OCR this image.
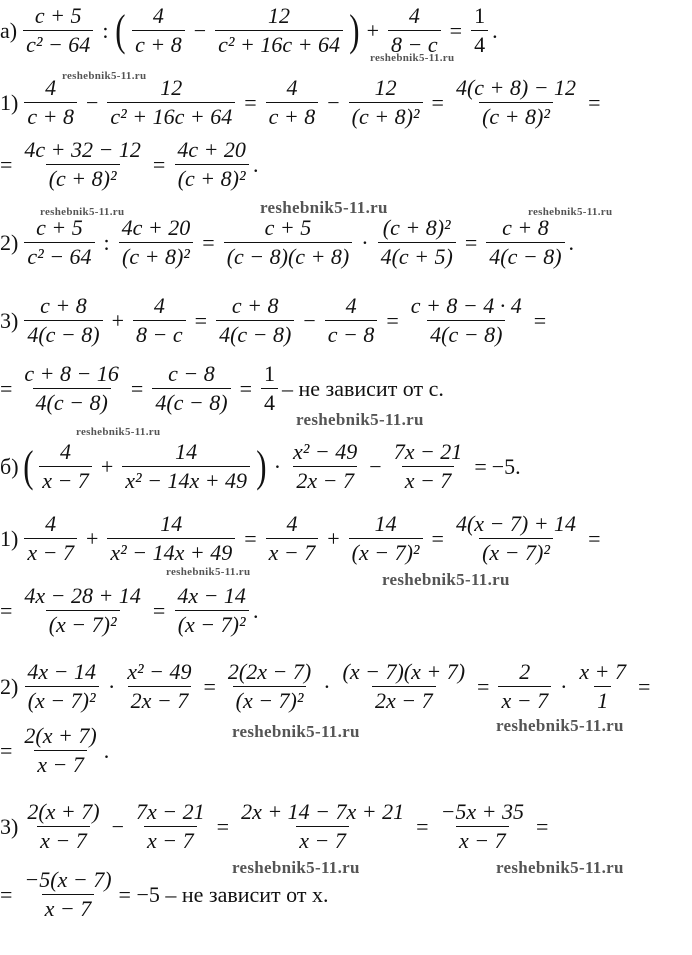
$а) \frac{c + 5}{\text{c² − 64}}$ : ( $\frac{4}{c + 8} - \frac{12}{\text{c² + 16c + 64}}$ ) + $\frac{4}{8 - c} = \frac{1}{4}$ .
$1) \frac{4}{c + 8} - \frac{12}{\text{c² + 16c + 64}} = \frac{4}{c + 8} - \frac{12}{\text{(c + 8)²}} = \frac{4(c + 8) - 12}{\text{(c + 8)²}}$ =
= $\frac{4c + 32 - 12}{\text{(c + 8)²}} = \frac{4c + 20}{\text{(c + 8)²}}$ .
$2) \frac{c + 5}{\text{c² − 64}}$ : $\frac{4c + 20}{\text{(c + 8)²}} = \frac{c + 5}{(c - 8)(c + 8)} \cdot \frac{\text{(c + 8)²}}{4(c + 5)} = \frac{c + 8}{4(c - 8)}$ .
$3) \frac{c + 8}{4(c - 8)} + \frac{4}{8 - c} = \frac{c + 8}{4(c - 8)} - \frac{4}{c - 8} = \frac{c + 8 - 4 \cdot 4}{4(c - 8)}$ =
= $\frac{c + 8 - 16}{4(c - 8)} = \frac{c - 8}{4(c - 8)} = \frac{1}{4}$ – не зависит от c.
б) ( $\frac{4}{x - 7} + \frac{14}{\text{x² − 14x + 49}}$ ) · $\frac{\text{x² − 49}}{2x - 7} - \frac{7x - 21}{x - 7} = -5$.
$1) \frac{4}{x - 7} + \frac{14}{\text{x² − 14x + 49}} = \frac{4}{x - 7} + \frac{14}{\text{(x − 7)²}} = \frac{4(x - 7) + 14}{\text{(x − 7)²}}$ =
= $\frac{4x - 28 + 14}{\text{(x − 7)²}} = \frac{4x - 14}{\text{(x − 7)²}}$ .
$2) \frac{4x - 14}{\text{(x − 7)²}} \cdot \frac{\text{x² − 49}}{2x - 7} = \frac{2(2x - 7)}{\text{(x − 7)²}} \cdot \frac{(x - 7)(x + 7)}{2x - 7} = \frac{2}{x - 7} \cdot \frac{x + 7}{1}$ =
= $\frac{2(x + 7)}{x - 7}$ .
$3) \frac{2(x + 7)}{x - 7} - \frac{7x - 21}{x - 7} = \frac{2x + 14 - 7x + 21}{x - 7} = \frac{-5x + 35}{x - 7}$ =
= $\frac{-5(x - 7)}{x - 7} = -5$ – не зависит от x.
reshebnik5-11.ru
reshebnik5-11.ru
reshebnik5-11.ru	reshebnik5-11.ru	reshebnik5-11.ru
reshebnik5-11.ru
reshebnik5-11.ru
reshebnik5-11.ru	reshebnik5-11.ru
reshebnik5-11.ru	reshebnik5-11.ru
reshebnik5-11.ru	reshebnik5-11.ru
